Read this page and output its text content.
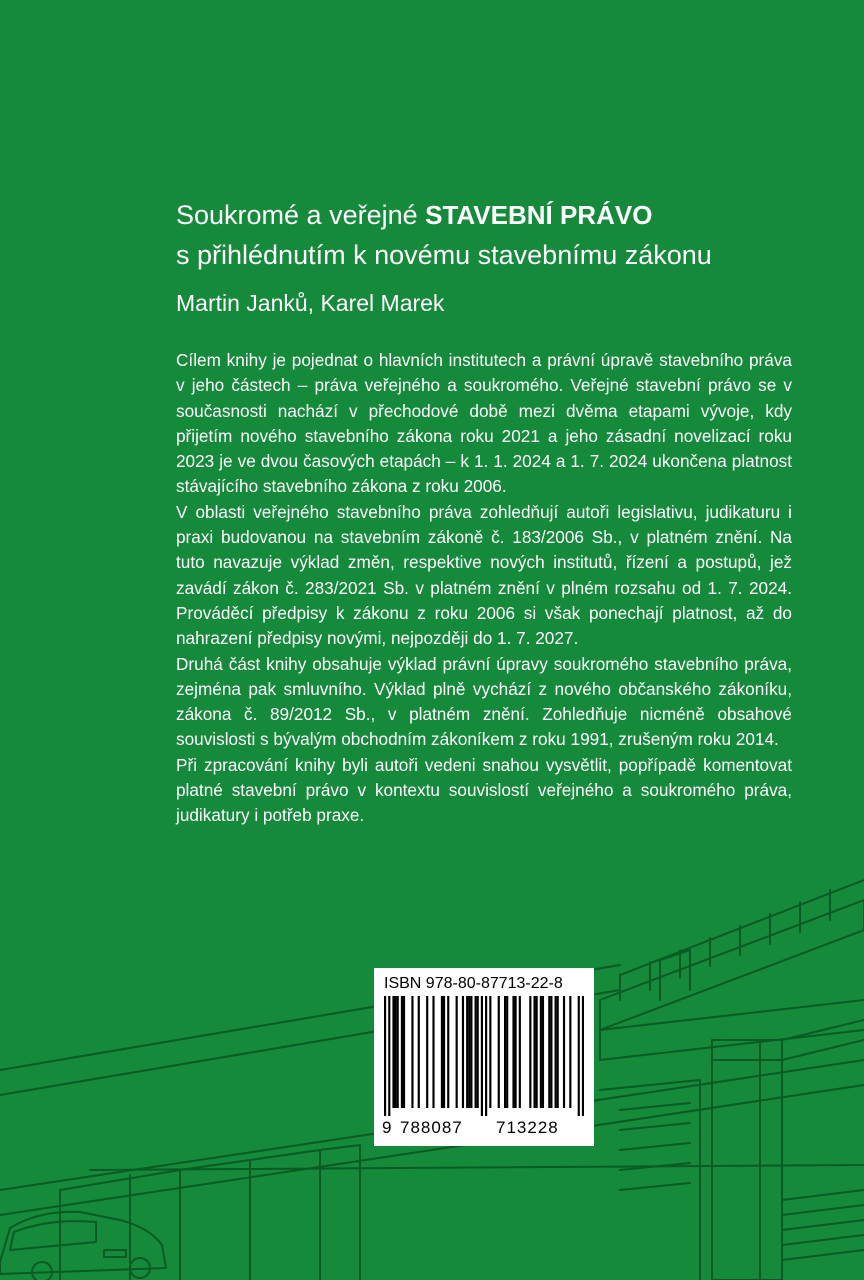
Soukromé a veřejné STAVEBNÍ PRÁVO
s přihlédnutím k novému stavebnímu zákonu
Martin Janků, Karel Marek

Cílem knihy je pojednat o hlavních institutech a právní úpravě stavebního práva v jeho částech – práva veřejného a soukromého. Veřejné stavební právo se v současnosti nachází v přechodové době mezi dvěma etapami vývoje, kdy přijetím nového stavebního zákona roku 2021 a jeho zásadní novelizací roku 2023 je ve dvou časových etapách – k 1. 1. 2024 a 1. 7. 2024 ukončena platnost stávajícího stavebního zákona z roku 2006.

V oblasti veřejného stavebního práva zohledňují autoři legislativu, judikaturu i praxi budovanou na stavebním zákoně č. 183/2006 Sb., v platném znění. Na tuto navazuje výklad změn, respektive nových institutů, řízení a postupů, jež zavádí zákon č. 283/2021 Sb. v platném znění v plném rozsahu od 1. 7. 2024. Prováděcí předpisy k zákonu z roku 2006 si však ponechají platnost, až do nahrazení předpisy novými, nejpozději do 1. 7. 2027.

Druhá část knihy obsahuje výklad právní úpravy soukromého stavebního práva, zejména pak smluvního. Výklad plně vychází z nového občanského zákoníku, zákona č. 89/2012 Sb., v platném znění. Zohledňuje nicméně obsahové souvislosti s bývalým obchodním zákoníkem z roku 1991, zrušeným roku 2014.

Při zpracování knihy byli autoři vedeni snahou vysvětlit, popřípadě komentovat platné stavební právo v kontextu souvislostí veřejného a soukromého práva, judikatury i potřeb praxe.

ISBN 978-80-87713-22-8
9 788087	713228
